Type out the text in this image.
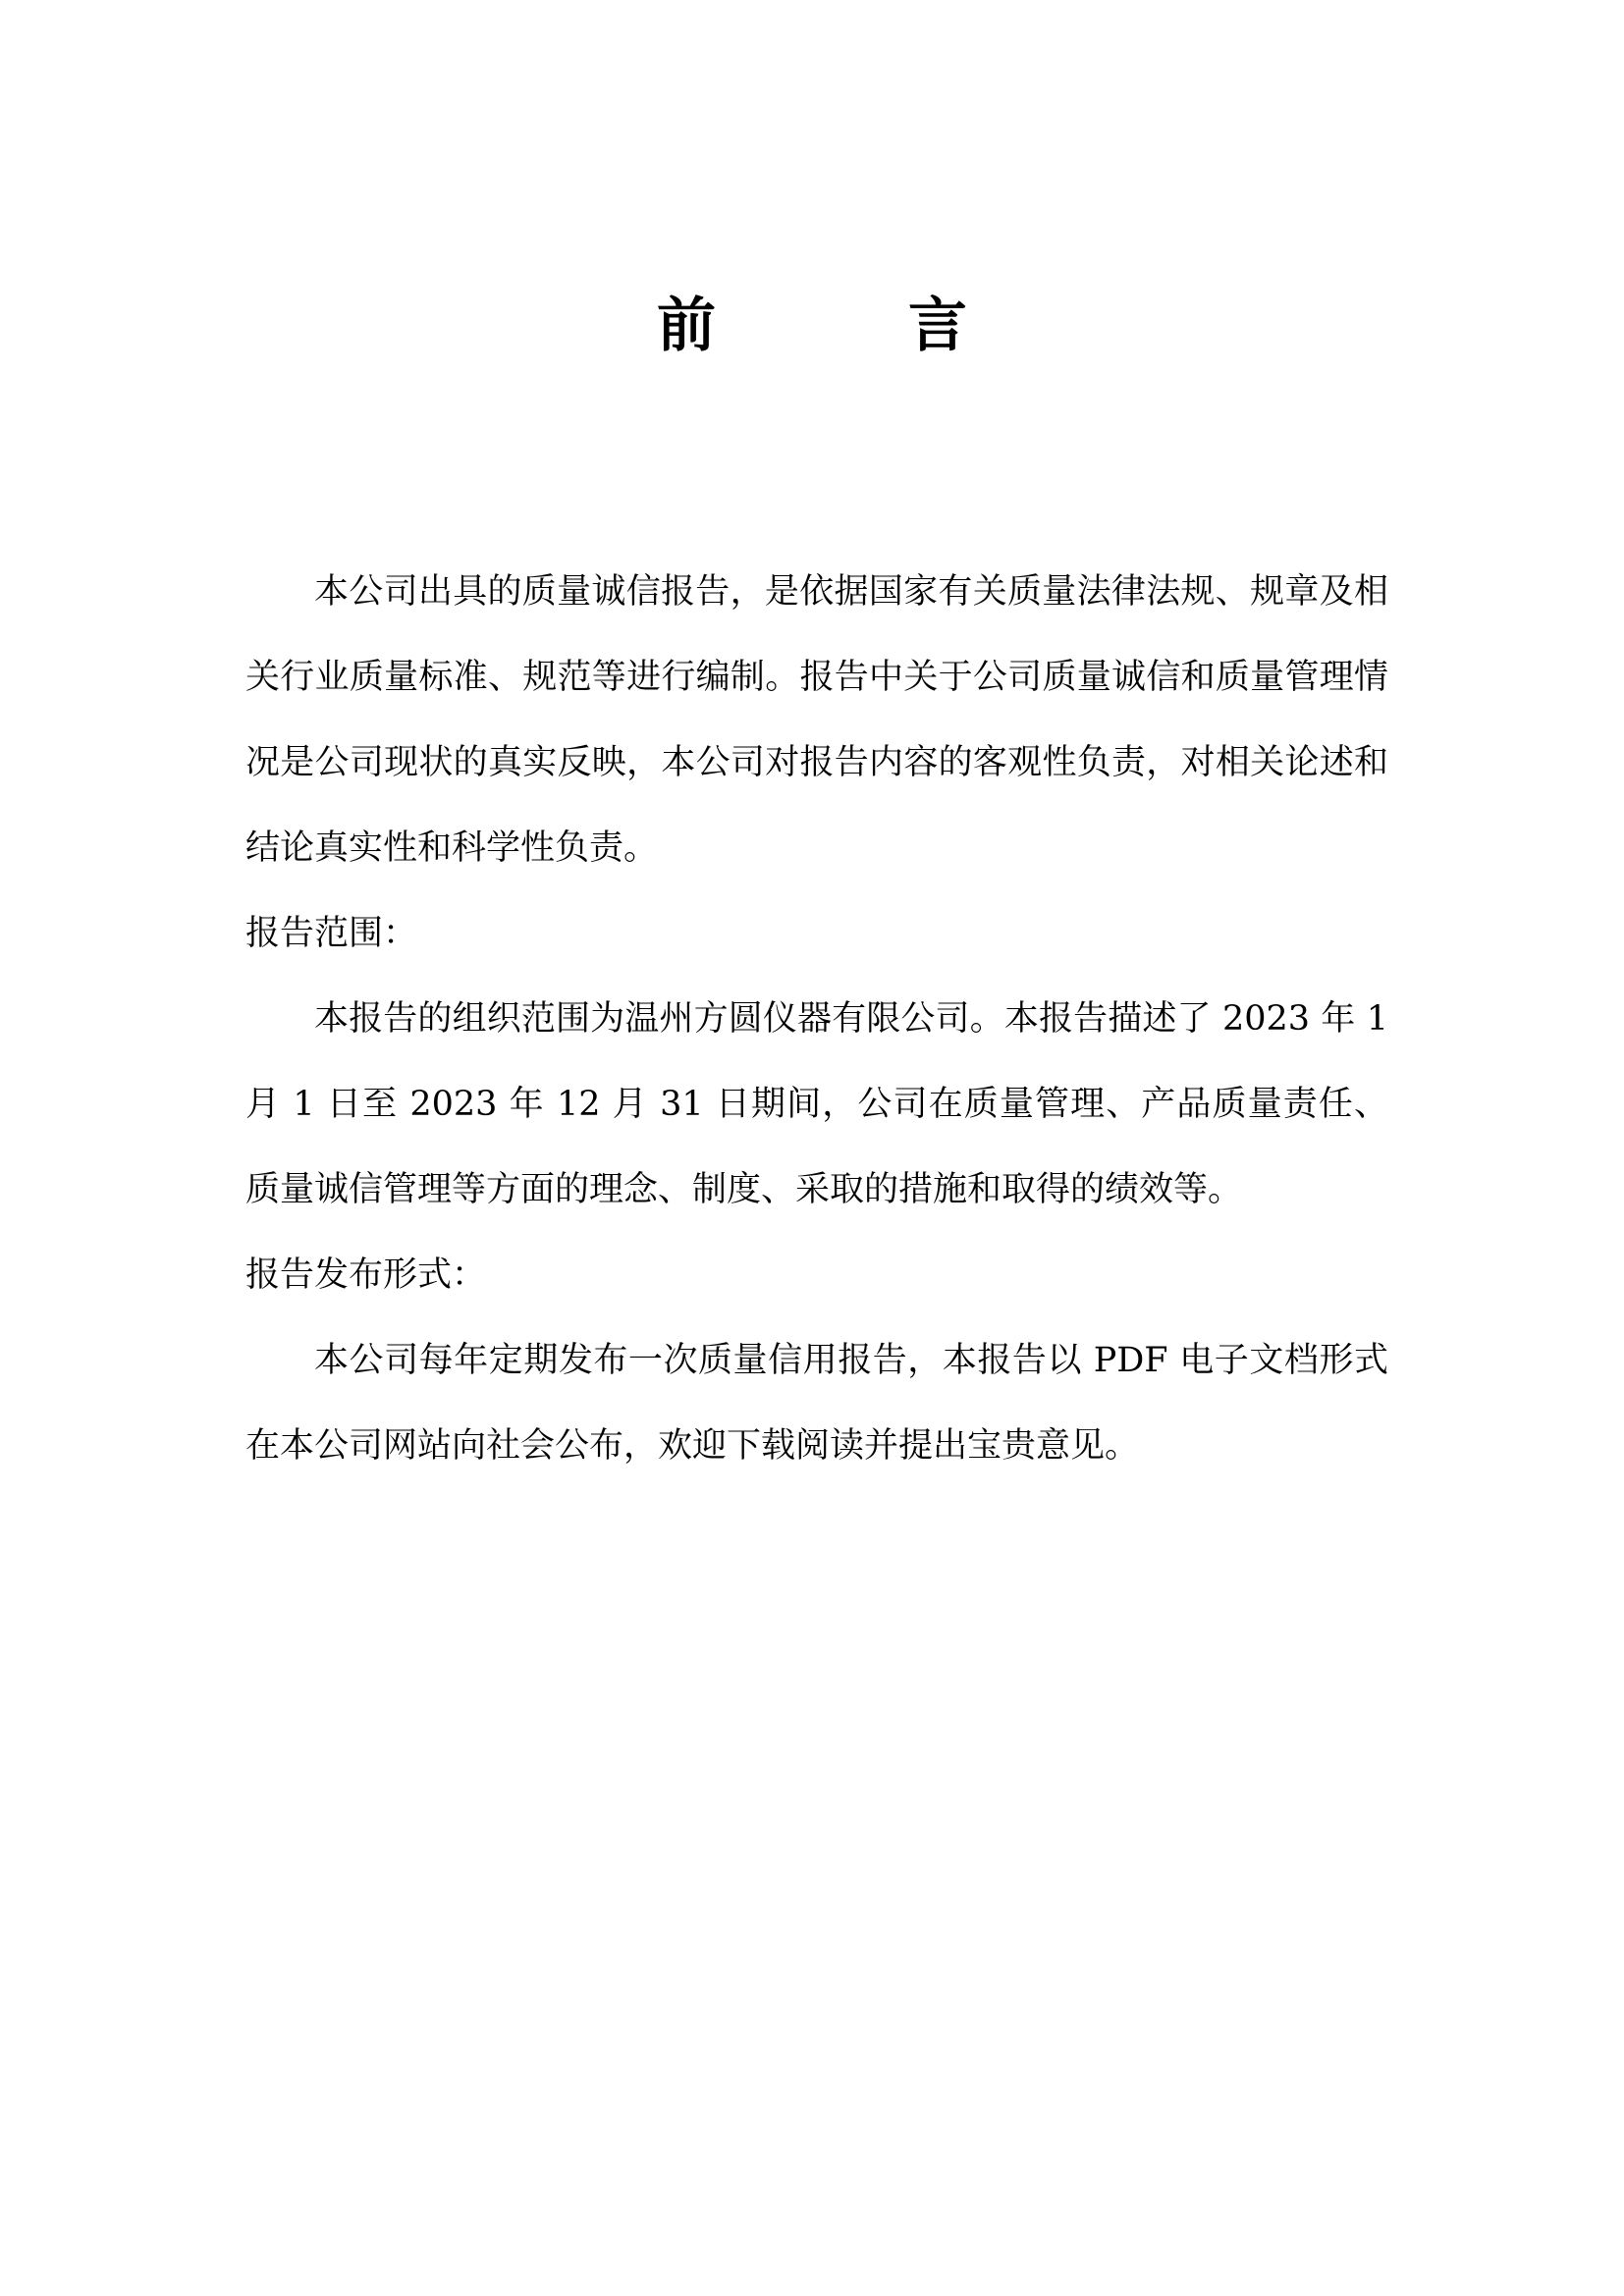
前　言

本公司出具的质量诚信报告，是依据国家有关质量法律法规、规章及相关行业质量标准、规范等进行编制。报告中关于公司质量诚信和质量管理情况是公司现状的真实反映，本公司对报告内容的客观性负责，对相关论述和结论真实性和科学性负责。

报告范围：

本报告的组织范围为温州方圆仪器有限公司。本报告描述了 2023 年 1 月 1 日至 2023 年 12 月 31 日期间，公司在质量管理、产品质量责任、质量诚信管理等方面的理念、制度、采取的措施和取得的绩效等。

报告发布形式：

本公司每年定期发布一次质量信用报告，本报告以 PDF 电子文档形式在本公司网站向社会公布，欢迎下载阅读并提出宝贵意见。
